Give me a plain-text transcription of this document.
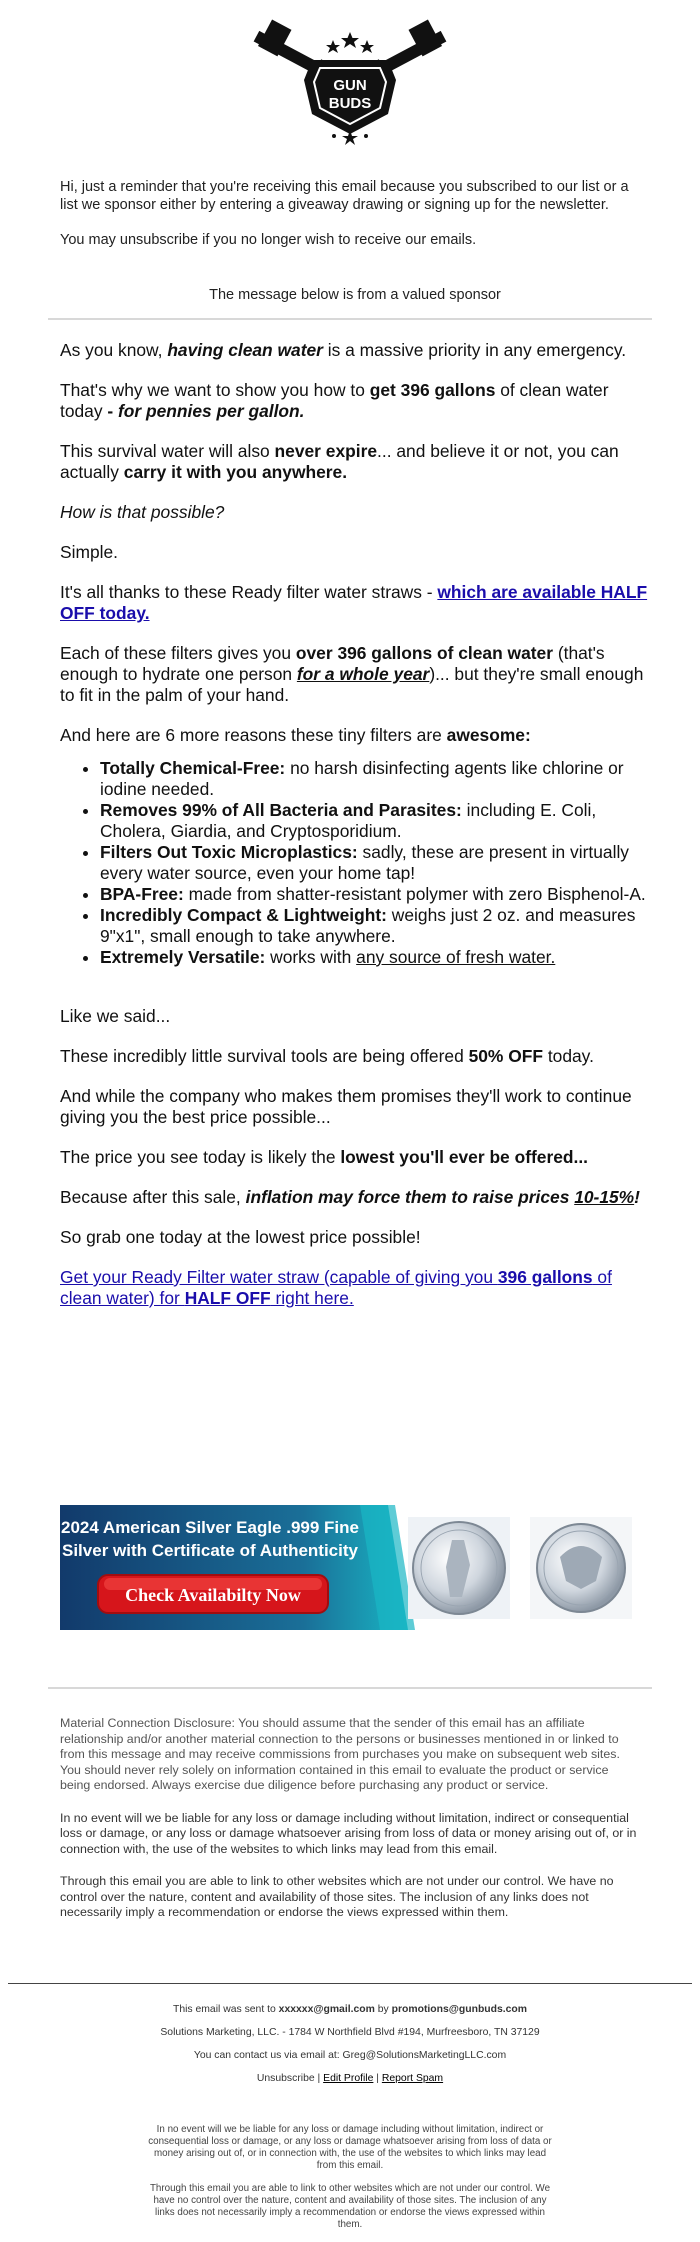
GUN
BUDS

Hi, just a reminder that you're receiving this email because you subscribed to our list or a list we sponsor either by entering a giveaway drawing or signing up for the newsletter.

You may unsubscribe if you no longer wish to receive our emails.

The message below is from a valued sponsor

As you know, having clean water is a massive priority in any emergency.

That's why we want to show you how to get 396 gallons of clean water today - for pennies per gallon.

This survival water will also never expire... and believe it or not, you can actually carry it with you anywhere.

How is that possible?

Simple.

It's all thanks to these Ready filter water straws - which are available HALF OFF today.

Each of these filters gives you over 396 gallons of clean water (that's enough to hydrate one person for a whole year)... but they're small enough to fit in the palm of your hand.

And here are 6 more reasons these tiny filters are awesome:

• Totally Chemical-Free: no harsh disinfecting agents like chlorine or iodine needed.
• Removes 99% of All Bacteria and Parasites: including E. Coli, Cholera, Giardia, and Cryptosporidium.
• Filters Out Toxic Microplastics: sadly, these are present in virtually every water source, even your home tap!
• BPA-Free: made from shatter-resistant polymer with zero Bisphenol-A.
• Incredibly Compact & Lightweight: weighs just 2 oz. and measures 9"x1", small enough to take anywhere.
• Extremely Versatile: works with any source of fresh water.

Like we said...

These incredibly little survival tools are being offered 50% OFF today.

And while the company who makes them promises they'll work to continue giving you the best price possible...

The price you see today is likely the lowest you'll ever be offered...

Because after this sale, inflation may force them to raise prices 10-15%!

So grab one today at the lowest price possible!

Get your Ready Filter water straw (capable of giving you 396 gallons of clean water) for HALF OFF right here.

2024 American Silver Eagle .999 Fine
Silver with Certificate of Authenticity
Check Availabilty Now

Material Connection Disclosure: You should assume that the sender of this email has an affiliate relationship and/or another material connection to the persons or businesses mentioned in or linked to from this message and may receive commissions from purchases you make on subsequent web sites. You should never rely solely on information contained in this email to evaluate the product or service being endorsed. Always exercise due diligence before purchasing any product or service.

In no event will we be liable for any loss or damage including without limitation, indirect or consequential loss or damage, or any loss or damage whatsoever arising from loss of data or money arising out of, or in connection with, the use of the websites to which links may lead from this email.

Through this email you are able to link to other websites which are not under our control. We have no control over the nature, content and availability of those sites. The inclusion of any links does not necessarily imply a recommendation or endorse the views expressed within them.

This email was sent to xxxxxx@gmail.com by promotions@gunbuds.com

Solutions Marketing, LLC. - 1784 W Northfield Blvd #194, Murfreesboro, TN 37129

You can contact us via email at: Greg@SolutionsMarketingLLC.com

Unsubscribe | Edit Profile | Report Spam

In no event will we be liable for any loss or damage including without limitation, indirect or consequential loss or damage, or any loss or damage whatsoever arising from loss of data or money arising out of, or in connection with, the use of the websites to which links may lead from this email.

Through this email you are able to link to other websites which are not under our control. We have no control over the nature, content and availability of those sites. The inclusion of any links does not necessarily imply a recommendation or endorse the views expressed within them.
